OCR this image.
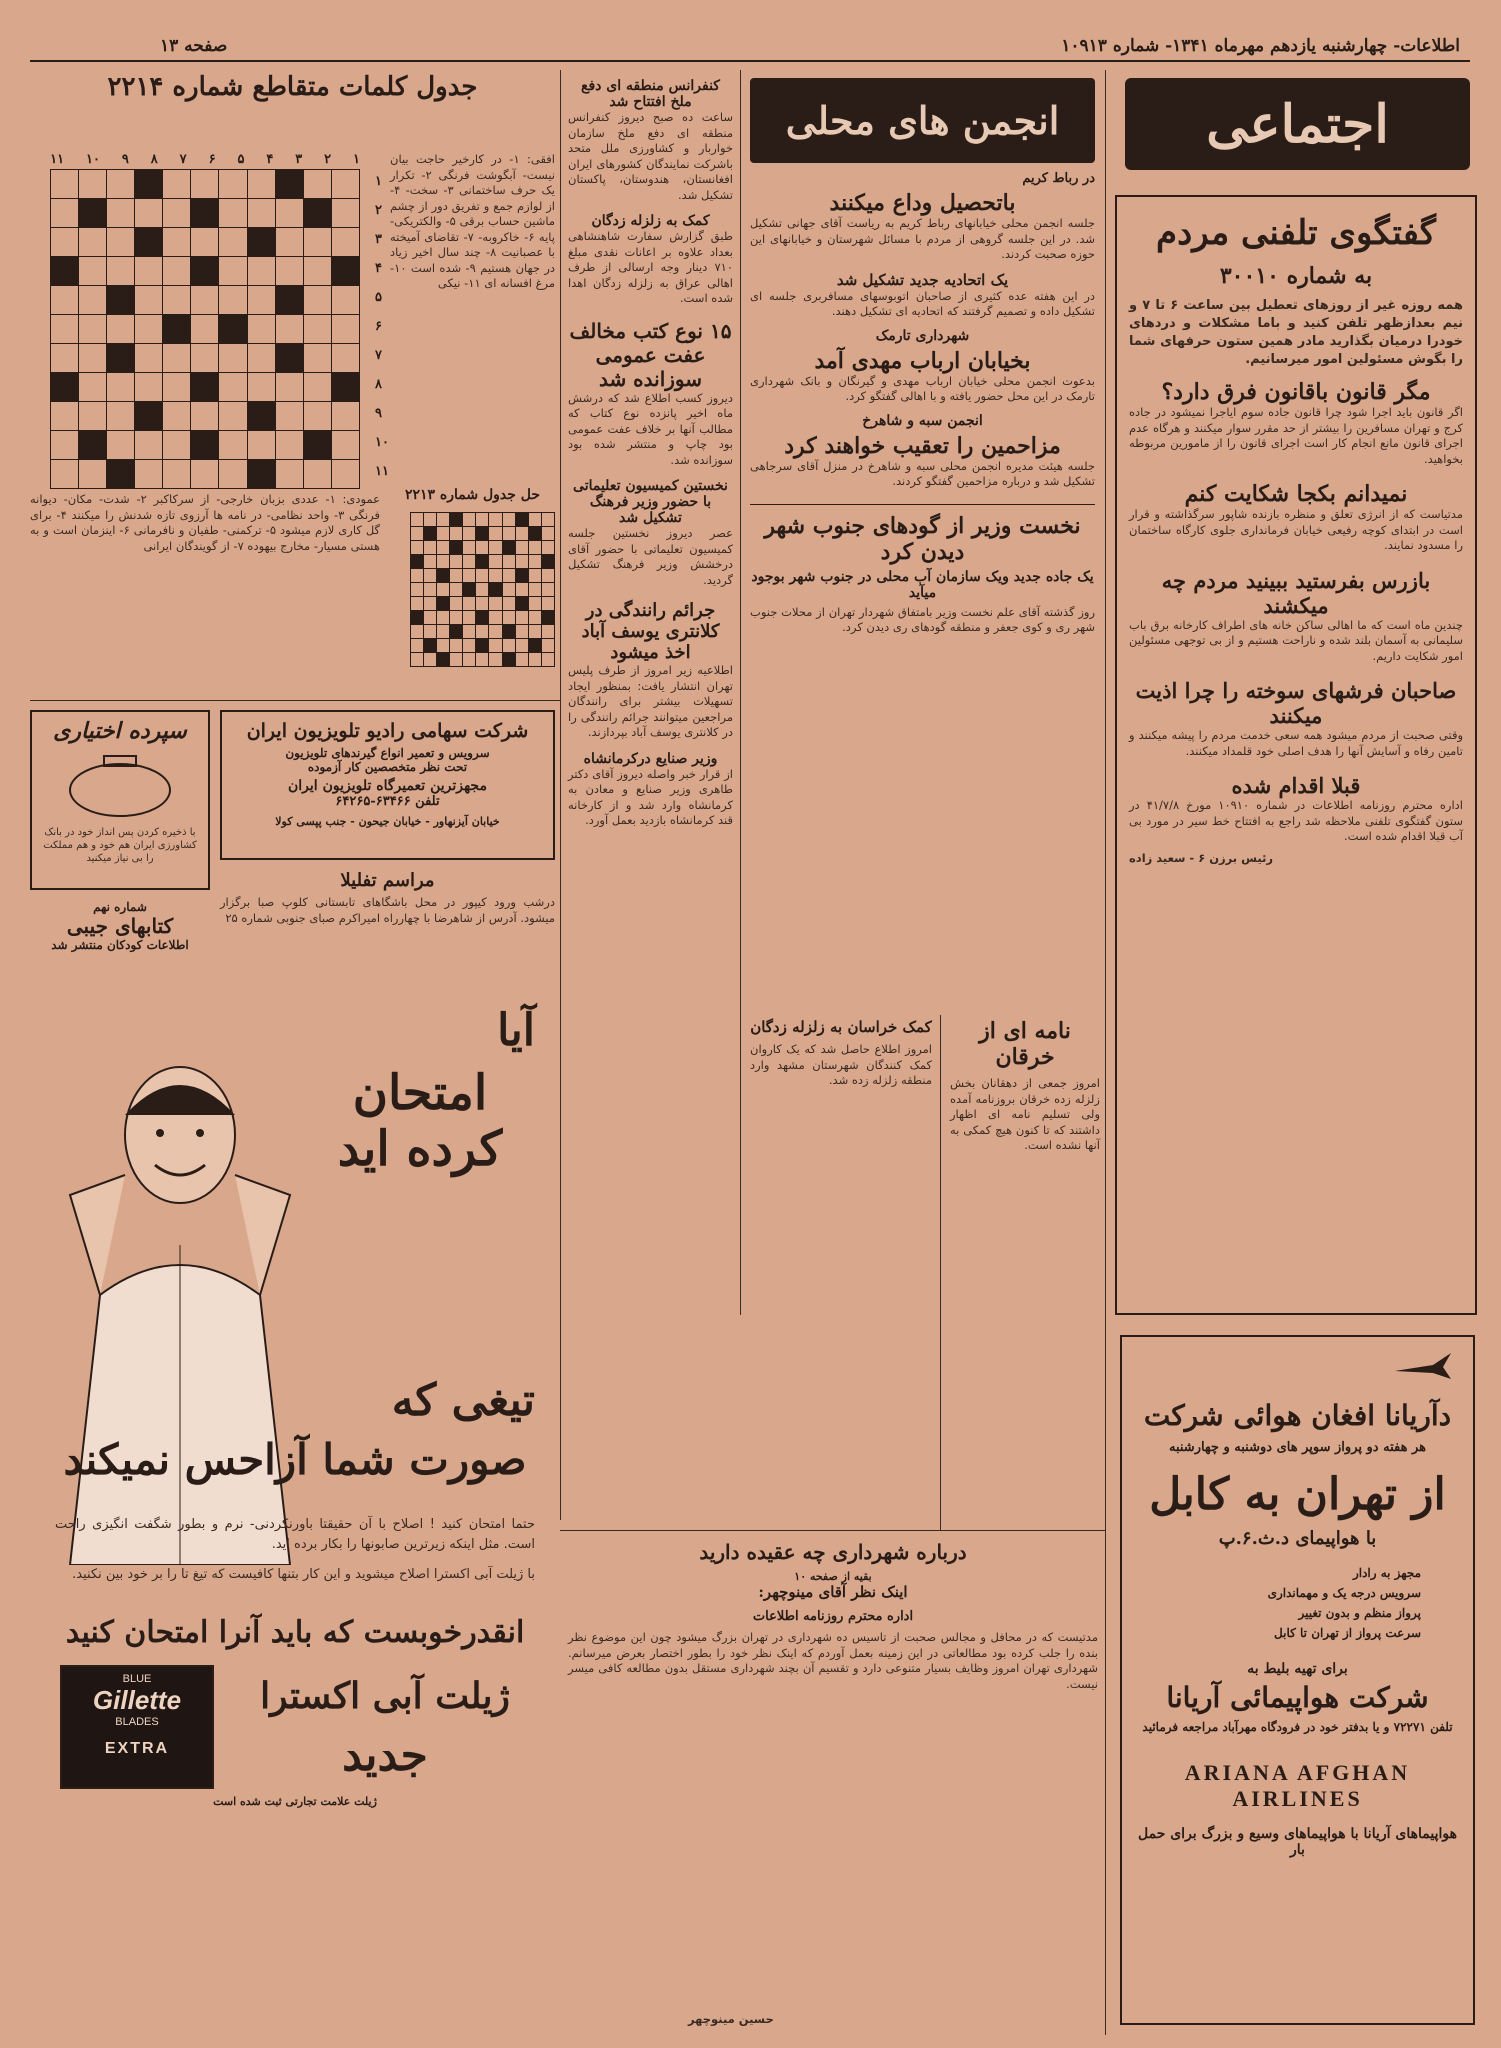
صفحه ۱۳	اطلاعات- چهارشنبه یازدهم مهرماه ۱۳۴۱- شماره ۱۰۹۱۳
اجتماعی
گفتگوی تلفنی مردم
به شماره ۳۰۰۱۰
همه روزه غیر از روزهای تعطیل بین ساعت ۶ تا ۷ و نیم بعدازظهر تلفن کنید و باما مشکلات و دردهای خودرا درمیان بگذارید مادر همین ستون حرفهای شما را بگوش مسئولین امور میرسانیم.
مگر قانون باقانون فرق دارد؟
اگر قانون باید اجرا شود چرا قانون جاده سوم ایاجرا نمیشود در جاده کرج و تهران مسافرین را بیشتر از حد مقرر سوار میکنند و هرگاه عدم اجرای قانون مانع انجام کار است اجرای قانون را از مامورین مربوطه بخواهید.
نمیدانم بکجا شکایت کنم
مدتیاست که از انرژی تعلق و منظره بازنده شاپور سرگذاشته و قرار است در ابتدای کوچه رفیعی خیابان فرمانداری جلوی کارگاه ساختمان را مسدود نمایند.
بازرس بفرستید ببینید مردم چه میکشند
چندین ماه است که ما اهالی ساکن خانه های اطراف کارخانه برق باب سلیمانی به آسمان بلند شده و ناراحت هستیم و از بی توجهی مسئولین امور شکایت داریم.
صاحبان فرشهای سوخته را چرا اذیت میکنند
وقتی صحبت از مردم میشود همه سعی خدمت مردم را پیشه میکنند و تامین رفاه و آسایش آنها را هدف اصلی خود قلمداد میکنند.
قبلا اقدام شده
اداره محترم روزنامه اطلاعات در شماره ۱۰۹۱۰ مورخ ۴۱/۷/۸ در ستون گفتگوی تلفنی ملاحظه شد راجع به افتتاح خط سیر در مورد بی آب قبلا اقدام شده است.
رئیس برزن ۶ - سعید زاده
دآریانا افغان هوائی شرکت
هر هفته دو پرواز سوپر های دوشنبه و چهارشنبه
از تهران به کابل
با هواپیمای د.ث.۶.پ
مجهز به رادار
سرویس درجه یک و مهمانداری
پرواز منظم و بدون تغییر
سرعت پرواز از تهران تا کابل
برای تهیه بلیط به
شرکت هواپیمائی آریانا
تلفن ۷۲۲۷۱ و یا بدفتر خود در فرودگاه مهرآباد مراجعه فرمائید
ARIANA AFGHAN AIRLINES
هواپیماهای آریانا با هواپیماهای وسیع و بزرگ برای حمل بار
انجمن های محلی
در رباط کریم
باتحصیل وداع میکنند
جلسه انجمن محلی خیابانهای رباط کریم به ریاست آقای جهانی تشکیل شد. در این جلسه گروهی از مردم با مسائل شهرستان و خیابانهای این حوزه صحبت کردند.
یک اتحادیه جدید تشکیل شد
در این هفته عده کثیری از صاحبان اتوبوسهای مسافربری جلسه ای تشکیل داده و تصمیم گرفتند که اتحادیه ای تشکیل دهند.
شهرداری تارمک
بخیابان ارباب مهدی آمد
بدعوت انجمن محلی خیابان ارباب مهدی و گیرنگان و بانک شهرداری تارمک در این محل حضور یافته و با اهالی گفتگو کرد.
انجمن سبه و شاهرخ
مزاحمین را تعقیب خواهند کرد
جلسه هیئت مدیره انجمن محلی سبه و شاهرخ در منزل آقای سرجاهی تشکیل شد و درباره مزاحمین گفتگو کردند.
نخست وزیر از گودهای جنوب شهر دیدن کرد
یک جاده جدید ویک سازمان آب محلی در جنوب شهر بوجود میآید
روز گذشته آقای علم نخست وزیر بامتفاق شهردار تهران از محلات جنوب شهر ری و کوی جعفر و منطقه گودهای ری دیدن کرد.
نامه ای از خرقان
امروز جمعی از دهقانان بخش زلزله زده خرقان بروزنامه آمده ولی تسلیم نامه ای اظهار داشتند که تا کنون هیچ کمکی به آنها نشده است.
کمک خراسان به زلزله زدگان
امروز اطلاع حاصل شد که یک کاروان کمک کنندگان شهرستان مشهد وارد منطقه زلزله زده شد.
کنفرانس منطقه ای دفع ملخ افتتاح شد
ساعت ده صبح دیروز کنفرانس منطقه ای دفع ملخ سازمان خواربار و کشاورزی ملل متحد باشرکت نمایندگان کشورهای ایران افغانستان، هندوستان، پاکستان تشکیل شد.
کمک به زلزله زدگان
طبق گزارش سفارت شاهنشاهی بعداد علاوه بر اعانات نقدی مبلغ ۷۱۰ دینار وجه ارسالی از طرف اهالی عراق به زلزله زدگان اهدا شده است.
۱۵ نوع کتب مخالف عفت عمومی سوزانده شد
دیروز کسب اطلاع شد که درشش ماه اخیر پانزده نوع کتاب که مطالب آنها بر خلاف عفت عمومی بود چاپ و منتشر شده بود سوزانده شد.
نخستین کمیسیون تعلیماتی با حضور وزیر فرهنگ تشکیل شد
عصر دیروز نخستین جلسه کمیسیون تعلیماتی با حضور آقای درخشش وزیر فرهنگ تشکیل گردید.
جرائم رانندگی در کلانتری یوسف آباد اخذ میشود
اطلاعیه زیر امروز از طرف پلیس تهران انتشار یافت: بمنظور ایجاد تسهیلات بیشتر برای رانندگان مراجعین میتوانند جرائم رانندگی را در کلانتری یوسف آباد بپردازند.
وزیر صنایع درکرمانشاه
از قرار خبر واصله دیروز آقای دکتر طاهری وزیر صنایع و معادن به کرمانشاه وارد شد و از کارخانه قند کرمانشاه بازدید بعمل آورد.
درباره شهرداری چه عقیده دارید
بقیه از صفحه ۱۰
اینک نظر آقای مینوچهر:
اداره محترم روزنامه اطلاعات
مدتیست که در محافل و مجالس صحبت از تاسیس ده شهرداری در تهران بزرگ میشود چون این موضوع نظر بنده را جلب کرده بود مطالعاتی در این زمینه بعمل آوردم که اینک نظر خود را بطور اختصار بعرض میرسانم. شهرداری تهران امروز وظایف بسیار متنوعی دارد و تقسیم آن بچند شهرداری مستقل بدون مطالعه کافی میسر نیست.
حسین مینوچهر
جدول کلمات متقاطع شماره ۲۲۱۴
۱
۲
۳
۴
۵
۶
۷
۸
۹
۱۰
۱۱

۱
۲
۳
۴
۵
۶
۷
۸
۹
۱۰
۱۱
افقی: ۱- در کارخیر حاجت بیان نیست- آبگوشت فرنگی ۲- تکرار یک حرف ساختمانی ۳- سخت- ۴- از لوازم جمع و تفریق دور از چشم ماشین حساب برقی ۵- والکتریکی- پایه ۶- خاکروبه- ۷- تقاضای آمیخته با عصبانیت ۸- چند سال اخیر زیاد در جهان هستیم ۹- شده است ۱۰- مرغ افسانه ای ۱۱- نیکی
حل جدول شماره ۲۲۱۳

عمودی: ۱- عددی بزبان خارجی- از سرکاکبر ۲- شدت- مکان- دیوانه فرنگی ۳- واحد نظامی- در نامه ها آرزوی تازه شدنش را میکنند ۴- برای گل کاری لازم میشود ۵- ترکمنی- طفیان و نافرمانی ۶- اینزمان است و به هستی مسیار- مخارج بیهوده ۷- از گویندگان ایرانی
شرکت سهامی رادیو تلویزیون ایران
سرویس و تعمیر انواع گیرندهای تلویزیون
تحت نظر متخصصین کار آزموده
مجهزترین تعمیرگاه تلویزیون ایران
تلفن ۶۳۴۶۶-۶۴۲۶۵
خیابان آیزنهاور - خیابان جیحون - جنب پپسی کولا
سپرده اختیاری
با ذخیره کردن پس انداز خود در بانک کشاورزی ایران هم خود و هم مملکت را بی نیاز میکنید
مراسم تفلیلا
درشب ورود کیپور در محل باشگاهای تابستانی کلوپ صبا برگزار میشود. آدرس از شاهرضا با چهارراه امیراکرم صبای جنوبی شماره ۲۵
شماره نهم
کتابهای جیبی
اطلاعات کودکان منتشر شد
آیا
امتحان کرده اید
تیغی که
صورت شما آزاحس نمیکند
حتما امتحان کنید ! اصلاح با آن حقیقتا باورنکردنی- نرم و بطور شگفت انگیزی راحت است. مثل اینکه زیرترین صابونها را بکار برده اید.
با ژیلت آبی اکسترا اصلاح میشوید و این کار بتنها کافیست که تیغ تا را بر خود بین نکنید.
انقدرخوبست که باید آنرا امتحان کنید
ژیلت آبی اکسترا
جدید
BLUE
Gillette
BLADES
EXTRA
ژیلت علامت تجارتی ثبت شده است
